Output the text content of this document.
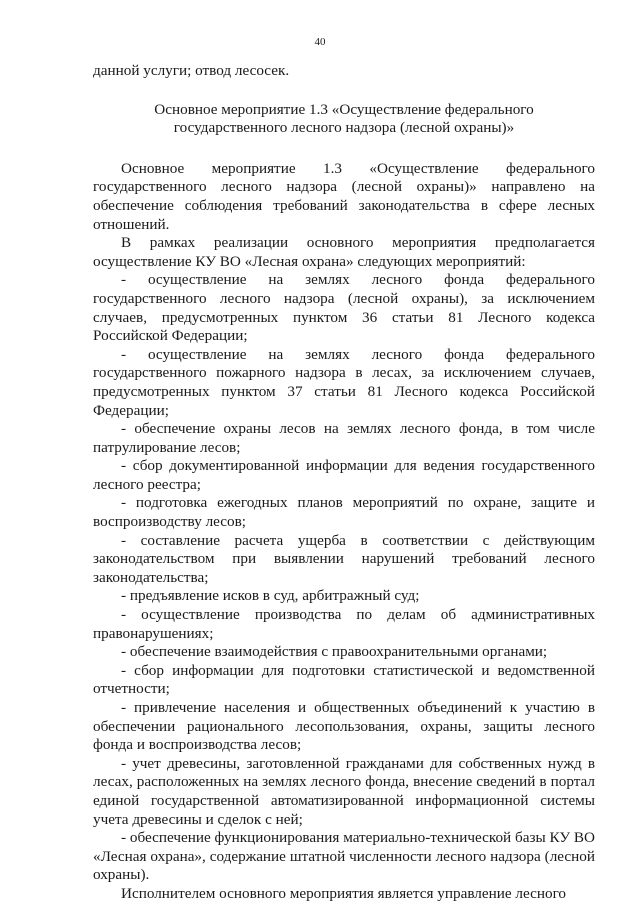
40

данной услуги; отвод лесосек.

Основное мероприятие 1.3 «Осуществление федерального государственного лесного надзора (лесной охраны)»

Основное мероприятие 1.3 «Осуществление федерального государственного лесного надзора (лесной охраны)» направлено на обеспечение соблюдения требований законодательства в сфере лесных отношений.

В рамках реализации основного мероприятия предполагается осуществление КУ ВО «Лесная охрана» следующих мероприятий:

- осуществление на землях лесного фонда федерального государственного лесного надзора (лесной охраны), за исключением случаев, предусмотренных пунктом 36 статьи 81 Лесного кодекса Российской Федерации;

- осуществление на землях лесного фонда федерального государственного пожарного надзора в лесах, за исключением случаев, предусмотренных пунктом 37 статьи 81 Лесного кодекса Российской Федерации;

- обеспечение охраны лесов на землях лесного фонда, в том числе патрулирование лесов;

- сбор документированной информации для ведения государственного лесного реестра;

- подготовка ежегодных планов мероприятий по охране, защите и воспроизводству лесов;

- составление расчета ущерба в соответствии с действующим законодательством при выявлении нарушений требований лесного законодательства;

- предъявление исков в суд, арбитражный суд;

- осуществление производства по делам об административных правонарушениях;

- обеспечение взаимодействия с правоохранительными органами;

- сбор информации для подготовки статистической и ведомственной отчетности;

- привлечение населения и общественных объединений к участию в обеспечении рационального лесопользования, охраны, защиты лесного фонда и воспроизводства лесов;

- учет древесины, заготовленной гражданами для собственных нужд в лесах, расположенных на землях лесного фонда, внесение сведений в портал единой государственной автоматизированной информационной системы учета древесины и сделок с ней;

- обеспечение функционирования материально-технической базы КУ ВО «Лесная охрана», содержание штатной численности лесного надзора (лесной охраны).

Исполнителем основного мероприятия является управление лесного
